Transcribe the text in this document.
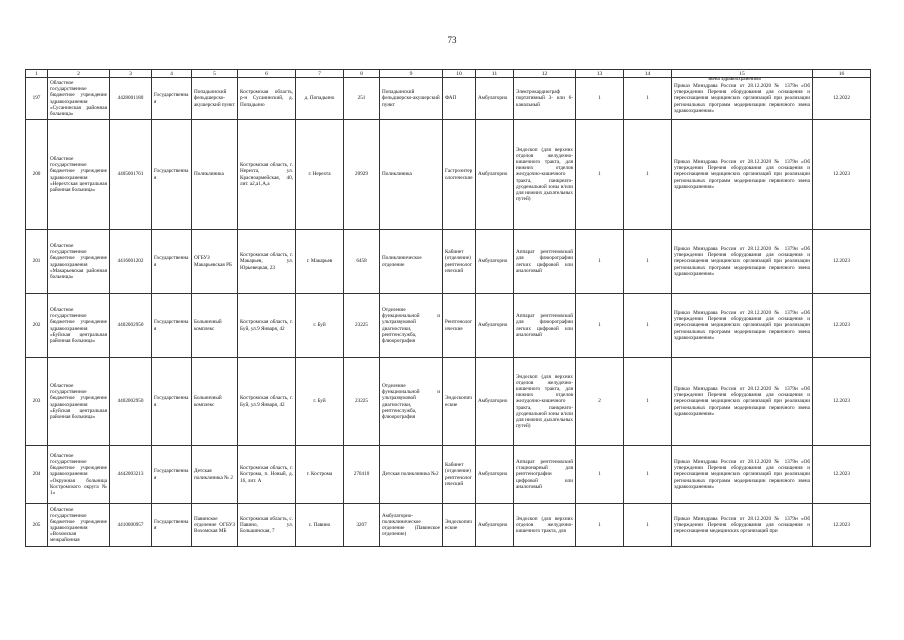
73
1	2	3	4	5	6	7	8	9	10	11	12	13	14	15	16
197	Областное государственное бюджетное учреждение здравоохранения «Сусанинская районная больница»	4428001180	Государственная	Попадьинский фельдшерско-акушерский пункт	Костромская область, р-н Сусанинский, д. Попадьино	д. Попадьино	251	Попадьинский фельдшерско-акушерский пункт	ФАП	Амбулаторно	Электрокардиограф портативный 3- или 6-канальный	1	1	Приказ Минздрава России от 28.12.2020 № 1379н «Об утверждении Перечня оборудования для оснащения и переоснащения медицинских организаций при реализации региональных программ модернизации первичного звена здравоохранения»	12.2022
200	Областное государственное бюджетное учреждение здравоохранения «Нерехтская центральная районная больница»	4405001761	Государственная	Поликлиника	Костромская область, г. Нерехта, ул. Красноармейская, 40, лит. а2,а1,А,а	г. Нерехта	20929	Поликлиника	Гастроэнтерологические	Амбулаторно	Эндоскоп (для верхних отделов желудочно-кишечного тракта, для нижних отделов желудочно-кишечного тракта, панкреато-дуоденальной зоны и/или для нижних дыхательных путей)	1	1	Приказ Минздрава России от 28.12.2020 № 1379н «Об утверждении Перечня оборудования для оснащения и переоснащения медицинских организаций при реализации региональных программ модернизации первичного звена здравоохранения»	12.2023
201	Областное государственное бюджетное учреждение здравоохранения «Макарьевская районная больница»	4416001202	Государственная	ОГБУЗ Макарьевская РБ	Костромская область, г. Макарьев, ул. Юрьевецкая, 23	г. Макарьев	6458	Поликлиническое отделение	Кабинет (отделение) рентгенологический	Амбулаторно	Аппарат рентгеновский для флюорографии легких цифровой или аналоговый	1	1	Приказ Минздрава России от 28.12.2020 № 1379н «Об утверждении Перечня оборудования для оснащения и переоснащения медицинских организаций при реализации региональных программ модернизации первичного звена здравоохранения»	12.2023
202	Областное государственное бюджетное учреждение здравоохранения «Буйская центральная районная больница»	4402002950	Государственная	Больничный комплекс	Костромская область, г. Буй, ул.9 Января, 42	г. Буй	23225	Отделение функциональной и ультразвуковой диагностики, рентгенслужба, флюорография	Рентгенологические	Амбулаторно	Аппарат рентгеновский для флюорографии легких цифровой или аналоговый	1	1	Приказ Минздрава России от 28.12.2020 № 1379н «Об утверждении Перечня оборудования для оснащения и переоснащения медицинских организаций при реализации региональных программ модернизации первичного звена здравоохранения»	12.2023
203	Областное государственное бюджетное учреждение здравоохранения «Буйская центральная районная больница»	4402002950	Государственная	Больничный комплекс	Костромская область, г. Буй, ул.9 Января, 42	г. Буй	23225	Отделение функциональной и ультразвуковой диагностики, рентгенслужба, флюорография	Эндоскопические	Амбулаторно	Эндоскоп (для верхних отделов желудочно-кишечного тракта, для нижних отделов желудочно-кишечного тракта, панкреато-дуоденальной зоны и/или для нижних дыхательных путей)	2	1	Приказ Минздрава России от 28.12.2020 № 1379н «Об утверждении Перечня оборудования для оснащения и переоснащения медицинских организаций при реализации региональных программ модернизации первичного звена здравоохранения»	12.2023
204	Областное государственное бюджетное учреждение здравоохранения «Окружная больница Костромского округа № 1»	4442003213	Государственная	Детская поликлиника № 2	Костромская область, г. Кострома, п. Новый, д. 16, лит. А	г. Кострома	270410	Детская поликлиника №2	Кабинет (отделение) рентгенологический	Амбулаторно	Аппарат рентгеновский стационарный для рентгенографии цифровой или аналоговый	1	1	Приказ Минздрава России от 28.12.2020 № 1379н «Об утверждении Перечня оборудования для оснащения и переоснащения медицинских организаций при реализации региональных программ модернизации первичного звена здравоохранения»	12.2023
205	Областное государственное бюджетное учреждение здравоохранения «Вохомская межрайонная	4410000957	Государственная	Павинское отделение ОГБУЗ Вохомская МБ	Костромская область, с. Павино, ул. Большинская, 7	с. Павино	3207	Амбулаторно-поликлиническое отделение (Павинское отделение)	Эндоскопические	Амбулаторно	Эндоскоп (для верхних отделов желудочно-кишечного тракта, для	1	1	Приказ Минздрава России от 28.12.2020 № 1379н «Об утверждении Перечня оборудования для оснащения и переоснащения медицинских организаций при	12.2023
звена здравоохранения»
